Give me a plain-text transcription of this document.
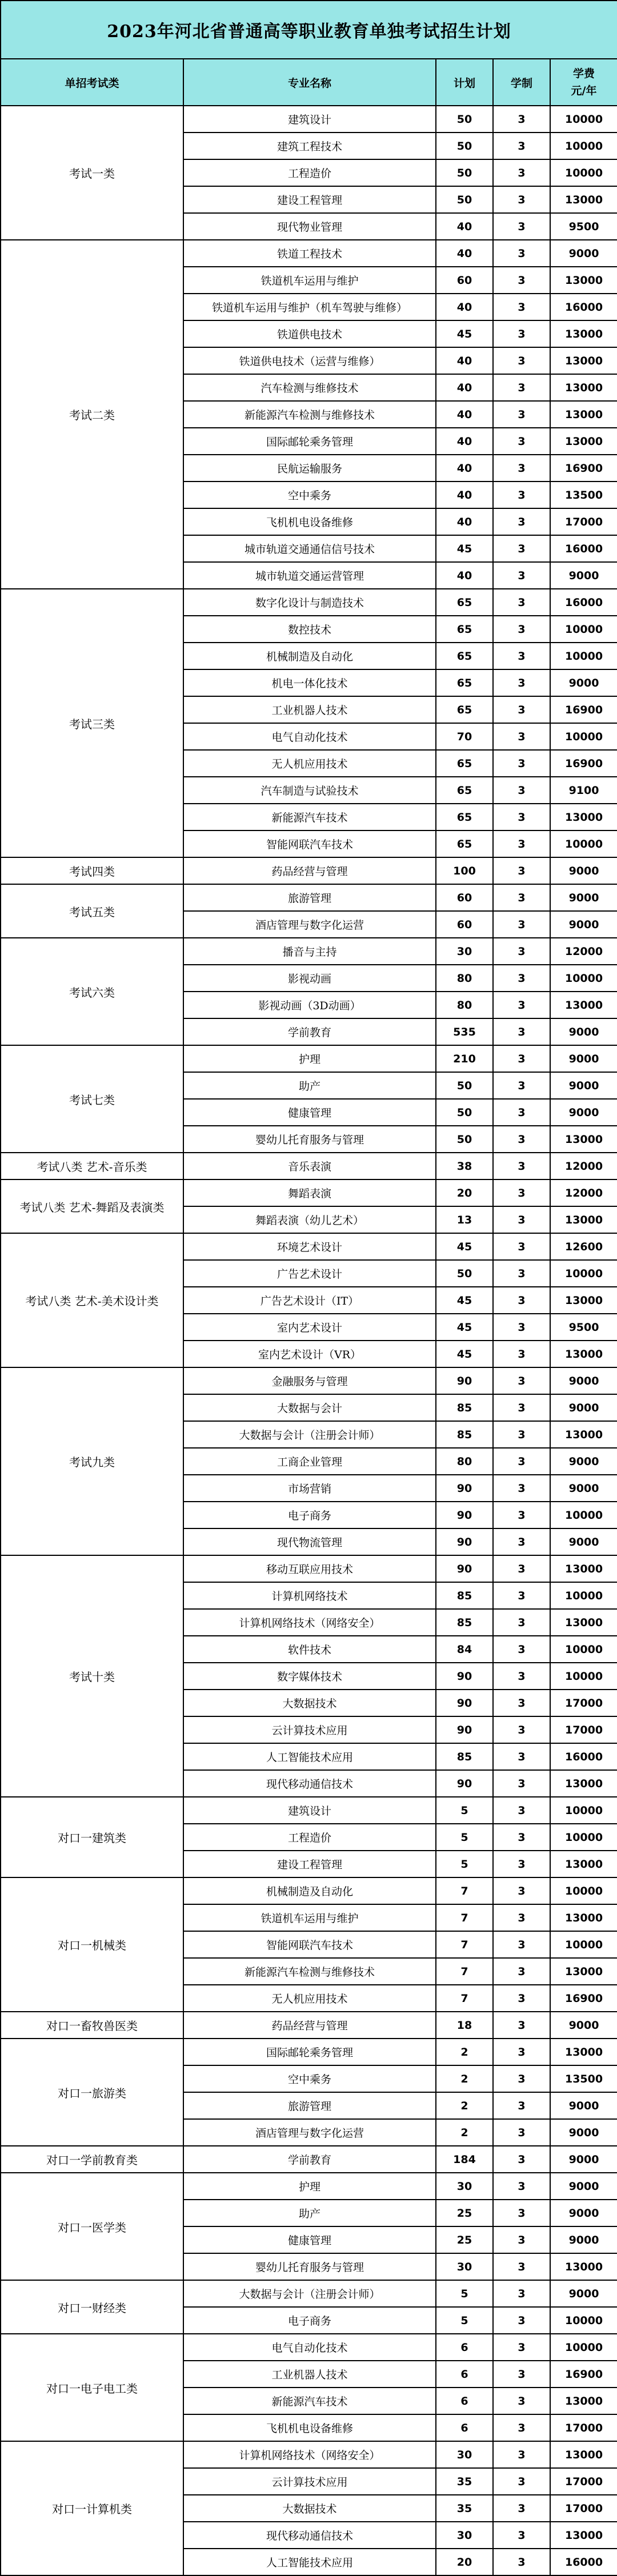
2023年河北省普通高等职业教育单独考试招生计划				
单招考试类	专业名称	计划	学制	学费
元/年

考试一类	建筑设计	50	3	10000
	建筑工程技术	50	3	10000
	工程造价	50	3	10000
	建设工程管理	50	3	13000
	现代物业管理	40	3	9500
考试二类	铁道工程技术	40	3	9000
	铁道机车运用与维护	60	3	13000
	铁道机车运用与维护（机车驾驶与维修）	40	3	16000
	铁道供电技术	45	3	13000
	铁道供电技术（运营与维修）	40	3	13000
	汽车检测与维修技术	40	3	13000
	新能源汽车检测与维修技术	40	3	13000
	国际邮轮乘务管理	40	3	13000
	民航运输服务	40	3	16900
	空中乘务	40	3	13500
	飞机机电设备维修	40	3	17000
	城市轨道交通通信信号技术	45	3	16000
	城市轨道交通运营管理	40	3	9000
考试三类	数字化设计与制造技术	65	3	16000
	数控技术	65	3	10000
	机械制造及自动化	65	3	10000
	机电一体化技术	65	3	9000
	工业机器人技术	65	3	16900
	电气自动化技术	70	3	10000
	无人机应用技术	65	3	16900
	汽车制造与试验技术	65	3	9100
	新能源汽车技术	65	3	13000
	智能网联汽车技术	65	3	10000
考试四类	药品经营与管理	100	3	9000
考试五类	旅游管理	60	3	9000
	酒店管理与数字化运营	60	3	9000
考试六类	播音与主持	30	3	12000
	影视动画	80	3	10000
	影视动画（3D动画）	80	3	13000
	学前教育	535	3	9000
考试七类	护理	210	3	9000
	助产	50	3	9000
	健康管理	50	3	9000
	婴幼儿托育服务与管理	50	3	13000
考试八类 艺术-音乐类	音乐表演	38	3	12000
考试八类 艺术-舞蹈及表演类	舞蹈表演	20	3	12000
	舞蹈表演（幼儿艺术）	13	3	13000
考试八类 艺术-美术设计类	环境艺术设计	45	3	12600
	广告艺术设计	50	3	10000
	广告艺术设计（IT）	45	3	13000
	室内艺术设计	45	3	9500
	室内艺术设计（VR）	45	3	13000
考试九类	金融服务与管理	90	3	9000
	大数据与会计	85	3	9000
	大数据与会计（注册会计师）	85	3	13000
	工商企业管理	80	3	9000
	市场营销	90	3	9000
	电子商务	90	3	10000
	现代物流管理	90	3	9000
考试十类	移动互联应用技术	90	3	13000
	计算机网络技术	85	3	10000
	计算机网络技术（网络安全）	85	3	13000
	软件技术	84	3	10000
	数字媒体技术	90	3	10000
	大数据技术	90	3	17000
	云计算技术应用	90	3	17000
	人工智能技术应用	85	3	16000
	现代移动通信技术	90	3	13000
对口一建筑类	建筑设计	5	3	10000
	工程造价	5	3	10000
	建设工程管理	5	3	13000
对口一机械类	机械制造及自动化	7	3	10000
	铁道机车运用与维护	7	3	13000
	智能网联汽车技术	7	3	10000
	新能源汽车检测与维修技术	7	3	13000
	无人机应用技术	7	3	16900
对口一畜牧兽医类	药品经营与管理	18	3	9000
对口一旅游类	国际邮轮乘务管理	2	3	13000
	空中乘务	2	3	13500
	旅游管理	2	3	9000
	酒店管理与数字化运营	2	3	9000
对口一学前教育类	学前教育	184	3	9000
对口一医学类	护理	30	3	9000
	助产	25	3	9000
	健康管理	25	3	9000
	婴幼儿托育服务与管理	30	3	13000
对口一财经类	大数据与会计（注册会计师）	5	3	9000
	电子商务	5	3	10000
对口一电子电工类	电气自动化技术	6	3	10000
	工业机器人技术	6	3	16900
	新能源汽车技术	6	3	13000
	飞机机电设备维修	6	3	17000
对口一计算机类	计算机网络技术（网络安全）	30	3	13000
	云计算技术应用	35	3	17000
	大数据技术	35	3	17000
	现代移动通信技术	30	3	13000
	人工智能技术应用	20	3	16000
